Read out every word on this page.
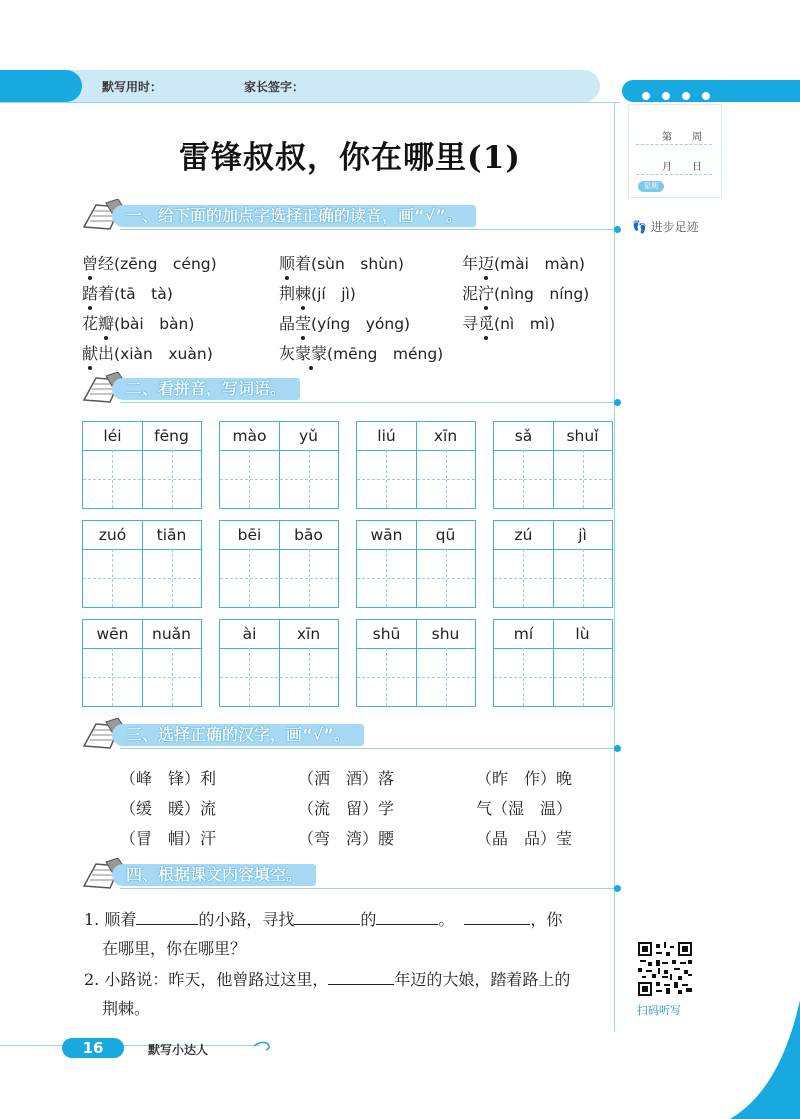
默写用时：	家长签字：
第　　周
月　　日
星期
👣 进步足迹
雷锋叔叔，你在哪里(1)
一、给下面的加点字选择正确的读音，画“√”。
曾经(zēng　céng)	顺着(sùn　shùn)	年迈(mài　màn)
踏着(tā　tà)	荆棘(jí　jì)	泥泞(nìng　níng)
花瓣(bài　bàn)	晶莹(yíng　yóng)	寻觅(nì　mì)
献出(xiàn　xuàn)	灰蒙蒙(mēng　méng)
二、看拼音，写词语。
léi	fēng	mào	yǔ	liú	xīn	sǎ	shuǐ
zuó	tiān	bēi	bāo	wān	qū	zú	jì
wēn	nuǎn	ài	xīn	shū	shu	mí	lù
三、选择正确的汉字，画“√”。
（峰　锋）利	（洒　酒）落	（昨　作）晚
（缓　暖）流	（流　留）学	气（湿　温）
（冒　帽）汗	（弯　湾）腰	（晶　品）莹
四、根据课文内容填空。
1. 顺着	的小路，寻找	的	。	，你
在哪里，你在哪里？
2. 小路说：昨天，他曾路过这里，	年迈的大娘，踏着路上的
荆棘。	扫码听写
16	默写小达人
